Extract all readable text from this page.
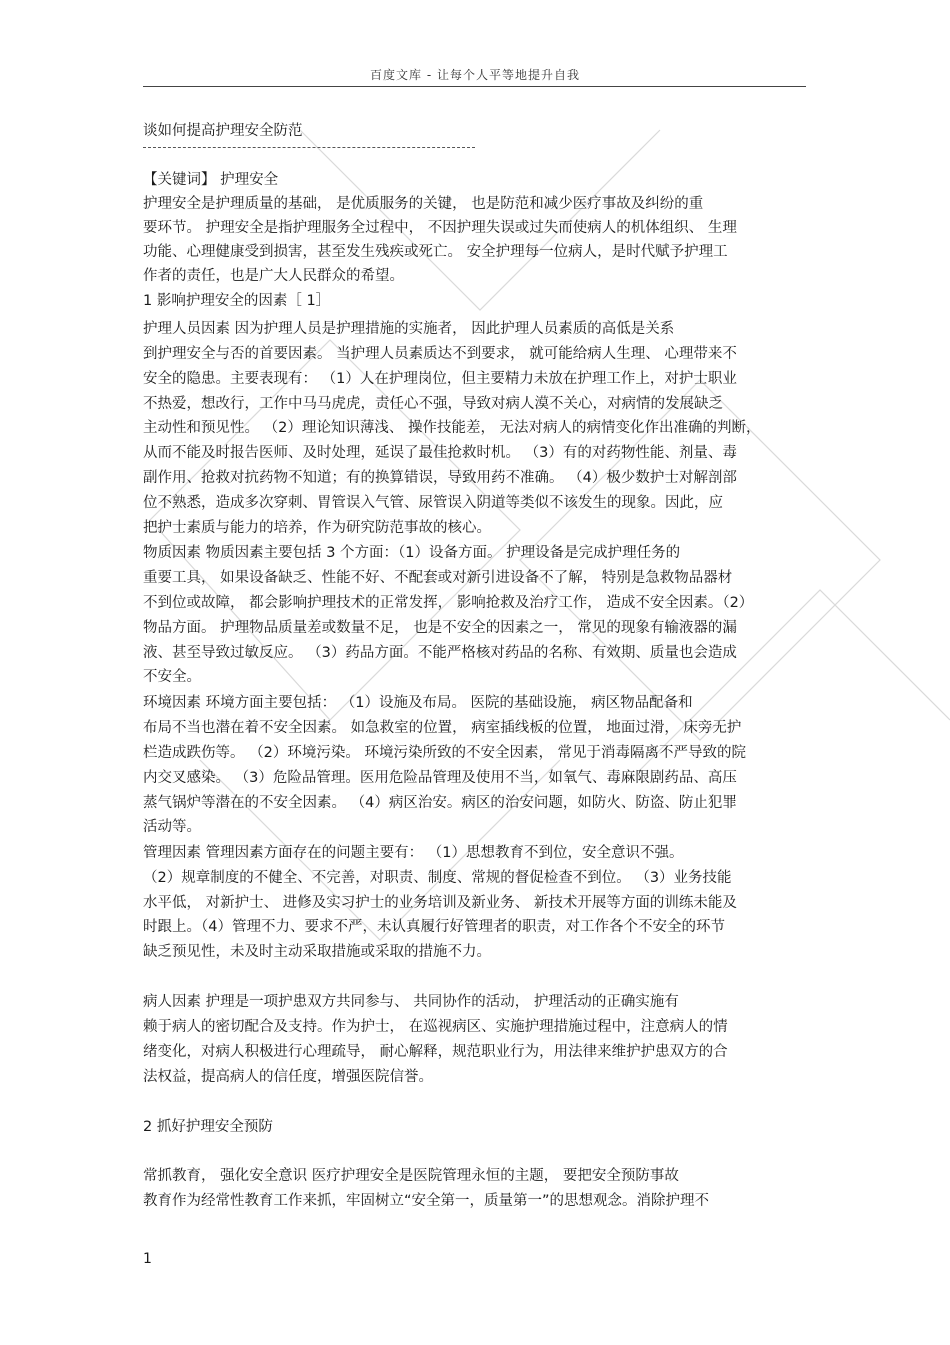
百度文库 - 让每个人平等地提升自我
谈如何提高护理安全防范
【关键词】 护理安全
护理安全是护理质量的基础， 是优质服务的关键， 也是防范和减少医疗事故及纠纷的重
要环节。 护理安全是指护理服务全过程中， 不因护理失误或过失而使病人的机体组织、 生理
功能、心理健康受到损害，甚至发生残疾或死亡。 安全护理每一位病人，是时代赋予护理工
作者的责任，也是广大人民群众的希望。
1 影响护理安全的因素［ 1］
护理人员因素 因为护理人员是护理措施的实施者， 因此护理人员素质的高低是关系
到护理安全与否的首要因素。 当护理人员素质达不到要求， 就可能给病人生理、 心理带来不
安全的隐患。主要表现有： （1）人在护理岗位，但主要精力未放在护理工作上，对护士职业
不热爱，想改行，工作中马马虎虎，责任心不强，导致对病人漠不关心，对病情的发展缺乏
主动性和预见性。 （2）理论知识薄浅、 操作技能差， 无法对病人的病情变化作出准确的判断，
从而不能及时报告医师、及时处理，延误了最佳抢救时机。 （3）有的对药物性能、剂量、毒
副作用、抢救对抗药物不知道；有的换算错误，导致用药不准确。 （4）极少数护士对解剖部
位不熟悉，造成多次穿刺、胃管误入气管、尿管误入阴道等类似不该发生的现象。因此，应
把护士素质与能力的培养，作为研究防范事故的核心。
物质因素 物质因素主要包括 3 个方面：（1）设备方面。 护理设备是完成护理任务的
重要工具， 如果设备缺乏、性能不好、不配套或对新引进设备不了解， 特别是急救物品器材
不到位或故障， 都会影响护理技术的正常发挥， 影响抢救及治疗工作， 造成不安全因素。（2）
物品方面。 护理物品质量差或数量不足， 也是不安全的因素之一， 常见的现象有输液器的漏
液、甚至导致过敏反应。 （3）药品方面。不能严格核对药品的名称、有效期、质量也会造成
不安全。
环境因素 环境方面主要包括： （1）设施及布局。 医院的基础设施， 病区物品配备和
布局不当也潜在着不安全因素。 如急救室的位置， 病室插线板的位置， 地面过滑， 床旁无护
栏造成跌伤等。 （2）环境污染。 环境污染所致的不安全因素， 常见于消毒隔离不严导致的院
内交叉感染。 （3）危险品管理。医用危险品管理及使用不当，如氧气、毒麻限剧药品、高压
蒸气锅炉等潜在的不安全因素。 （4）病区治安。病区的治安问题，如防火、防盗、防止犯罪
活动等。
管理因素 管理因素方面存在的问题主要有： （1）思想教育不到位，安全意识不强。
（2）规章制度的不健全、不完善，对职责、制度、常规的督促检查不到位。 （3）业务技能
水平低， 对新护士、 进修及实习护士的业务培训及新业务、 新技术开展等方面的训练未能及
时跟上。（4）管理不力、要求不严，未认真履行好管理者的职责，对工作各个不安全的环节
缺乏预见性，未及时主动采取措施或采取的措施不力。
病人因素 护理是一项护患双方共同参与、 共同协作的活动， 护理活动的正确实施有
赖于病人的密切配合及支持。作为护士， 在巡视病区、实施护理措施过程中，注意病人的情
绪变化，对病人积极进行心理疏导， 耐心解释，规范职业行为，用法律来维护护患双方的合
法权益，提高病人的信任度，增强医院信誉。
2 抓好护理安全预防
常抓教育， 强化安全意识 医疗护理安全是医院管理永恒的主题， 要把安全预防事故
教育作为经常性教育工作来抓，牢固树立“安全第一，质量第一”的思想观念。消除护理不
1
